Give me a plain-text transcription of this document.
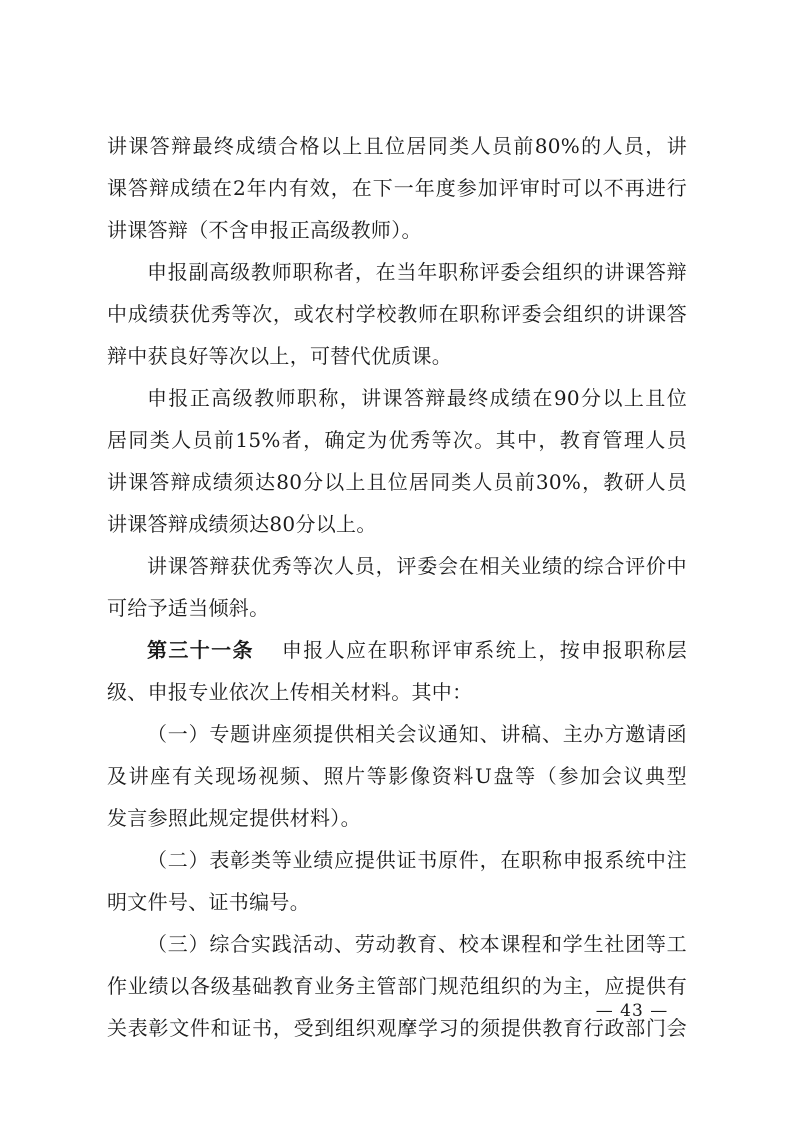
讲课答辩最终成绩合格以上且位居同类人员前80%的人员，讲
课答辩成绩在2年内有效，在下一年度参加评审时可以不再进行
讲课答辩（不含申报正高级教师）。
申报副高级教师职称者，在当年职称评委会组织的讲课答辩
中成绩获优秀等次，或农村学校教师在职称评委会组织的讲课答
辩中获良好等次以上，可替代优质课。
申报正高级教师职称，讲课答辩最终成绩在90分以上且位
居同类人员前15%者，确定为优秀等次。其中，教育管理人员
讲课答辩成绩须达80分以上且位居同类人员前30%，教研人员
讲课答辩成绩须达80分以上。
讲课答辩获优秀等次人员，评委会在相关业绩的综合评价中
可给予适当倾斜。
第三十一条 申报人应在职称评审系统上，按申报职称层
级、申报专业依次上传相关材料。其中：
（一）专题讲座须提供相关会议通知、讲稿、主办方邀请函
及讲座有关现场视频、照片等影像资料U盘等（参加会议典型
发言参照此规定提供材料）。
（二）表彰类等业绩应提供证书原件，在职称申报系统中注
明文件号、证书编号。
（三）综合实践活动、劳动教育、校本课程和学生社团等工
作业绩以各级基础教育业务主管部门规范组织的为主，应提供有
关表彰文件和证书，受到组织观摩学习的须提供教育行政部门会
— 43 —
